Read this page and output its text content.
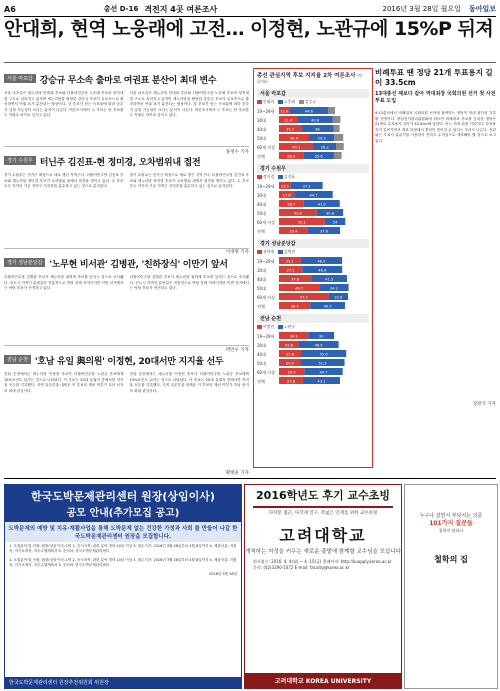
A6	총선 D-16 격전지 4곳 여론조사	2016년 3월 28일 월요일 동아일보
안대희, 현역 노웅래에 고전… 이정현, 노관규에 15%P 뒤져
서울 마포갑 강승규 무소속 출마로 여권표 분산이 최대 변수
서울 마포갑은 새누리당 안대희 후보와 더불어민주당 노웅래 후보의 양자대결 구도로 치러지고 있지만 새누리당을 탈당한 강승규 후보가 무소속으로 출마하면서 여권 표가 분산되는 양상이다. 강 후보가 얻는 득표율에 따라 승부가 갈릴 가능성이 크다는 분석이 나온다. 여론조사에서 노 후보는 안 후보를 두 자릿수 차이로 앞서고 있다.
서울 마포갑은 새누리당 안대희 후보와 더불어민주당 노웅래 후보의 양자대결 구도로 치러지고 있지만 새누리당을 탈당한 강승규 후보가 무소속으로 출마하면서 여권 표가 분산되는 양상이다. 강 후보가 얻는 득표율에 따라 승부가 갈릴 가능성이 크다는 분석이 나온다. 여론조사에서 노 후보는 안 후보를 두 자릿수 차이로 앞서고 있다.
홍정수 기자
경기 수원무 터닌주 김진표-현 정미경, 오차범위내 접전
경기 수원무는 선거구 획정으로 새로 생긴 지역구다. 더불어민주당 김진표 후보와 새누리당 정미경 후보가 오차범위 내에서 접전을 벌이고 있다. 두 후보 모두 각자의 기존 지역구 지지층을 흡수하고 있는 것으로 분석된다.
경기 수원무는 선거구 획정으로 새로 생긴 지역구다. 더불어민주당 김진표 후보와 새누리당 정미경 후보가 오차범위 내에서 접전을 벌이고 있다. 두 후보 모두 각자의 기존 지역구 지지층을 흡수하고 있는 것으로 분석된다.
이재명 기자
경기 성남분당갑 '노무현 비서관' 김병관, '친하장식' 이만기 앞서
더불어민주당 김병관 후보가 새누리당 권혁세 후보를 앞서는 것으로 조사됐다. 신도시 지역인 분당갑은 전통적으로 여당 강세 지역이지만 이번 선거에서는 야당 후보가 선전하고 있다.
더불어민주당 김병관 후보가 새누리당 권혁세 후보를 앞서는 것으로 조사됐다. 신도시 지역인 분당갑은 전통적으로 여당 강세 지역이지만 이번 선거에서는 야당 후보가 선전하고 있다.
박민우 기자
전남 순천 '호남 유일 與의원' 이정현, 20대서만 지지율 선두
전남 순천에서는 새누리당 이정현 후보가 더불어민주당 노관규 후보에게 15%포인트 뒤지는 것으로 나타났다. 이 후보는 20대 유권자 층에서만 지지율 선두를 기록했다. 지역 일꾼론을 내세운 이 후보의 재선 여부가 호남 선거의 최대 관심사다.
전남 순천에서는 새누리당 이정현 후보가 더불어민주당 노관규 후보에게 15%포인트 뒤지는 것으로 나타났다. 이 후보는 20대 유권자 층에서만 지지율 선두를 기록했다. 지역 일꾼론을 내세운 이 후보의 재선 여부가 호남 선거의 최대 관심사다.
황태훈 기자
총선 관심지역 후보 지지율 2차 여론조사 (단위:%)
서울 마포갑
안대희	노웅래	강승규
19~29세 12.4	44.6
30대	21.4	40.8
40대	25.7	38
50대	34.9	29.3
60세 이상	40.1	26.2
전체	28.3	35.6
경기 수원무
정미경	김진표
19~29세 13.5	37.2
30대	17.8	44.7
40대	28.7	41.9
50대	43.8	30.8
60세 이상	53.1	24
전체	33.4	37.6
경기 성남분당갑
권혁세	김병관
19~29세	25.1	48.3
30대	27.1	46.4
40대	37.6	41.5
50대	46.7	34.2
60세 이상	57.7	22.6
전체	36.3	40.5
전남 순천
이정현	노관규
19~29세	34.1	30
30대	22.8	46.5
40대	25.6	52.6
50대	24.9	51.3
60세 이상	29.4	44.7
전체	27.8	43.1
비례투표 땐 정당 21개 투표용지 길이 33.5cm
13대총선 때보다 같아 역대최장 국회의원 선거 첫 사전투표 도입
4·13총선에서 비례대표 국회의원 선거에 참여하는 정당이 역대 최다를 기록할 전망이다. 중앙선거관리위원회에 따르면 비례대표 후보를 등록한 정당은 21개로 투표용지 길이가 33.5cm에 달한다. 이는 역대 최장 기록이다. 투표용지가 길어지면서 개표 과정에서 혼선이 빚어질 수 있다는 우려도 나온다. 선관위는 투표지 분류기를 사용하지 못하고 수작업으로 개표해야 할 것으로 보고 있다.
장관석 기자
한국도박문제관리센터 원장(상임이사)
공모 안내(추가모집 공고)
도박문제의 예방 및 치유·재활사업을 통해 도박문제 없는 건강한 가정과 사회 를 만들어 나갈 한국도박문제관리센터 원장을 모집합니다.
1. 모집분야 및 인원: 원장(상임이사) 1명 2. 응시자격: 관련 분야 경력 10년 이상 3. 접수기간: 2016년 3월 28일부터 4월 8일까지 4. 제출서류: 지원서, 자기소개서, 직무수행계획서 5. 문의처: 한국도박문제관리센터
1. 모집분야 및 인원: 원장(상임이사) 1명 2. 응시자격: 관련 분야 경력 10년 이상 3. 접수기간: 2016년 3월 28일부터 4월 8일까지 4. 제출서류: 지원서, 자기소개서, 직무수행계획서 5. 문의처: 한국도박문제관리센터
2016년 3월 28일
한국도박문제관리센터 원장추천위원회 위원장
2016학년도 후기 교수초빙
다학문 접근, 다학제 연구, 폭넓은 인재를 위한 교수초빙
고려대학교
개척하는 지성을 키우는 새로운 출발에 함께할 교수님을 모십니다
원서접수: 2016. 4. 4(월) ~ 4. 15(금) 홈페이지: http://kuapply.korea.ac.kr 문의: (02)3290-1072 E-mail: faculty@korea.ac.kr
고려대학교 KOREA UNIVERSITY
누구나 살면서 부딪치는 의문
101가지 질문들
철학이 답하다
철학의 집
